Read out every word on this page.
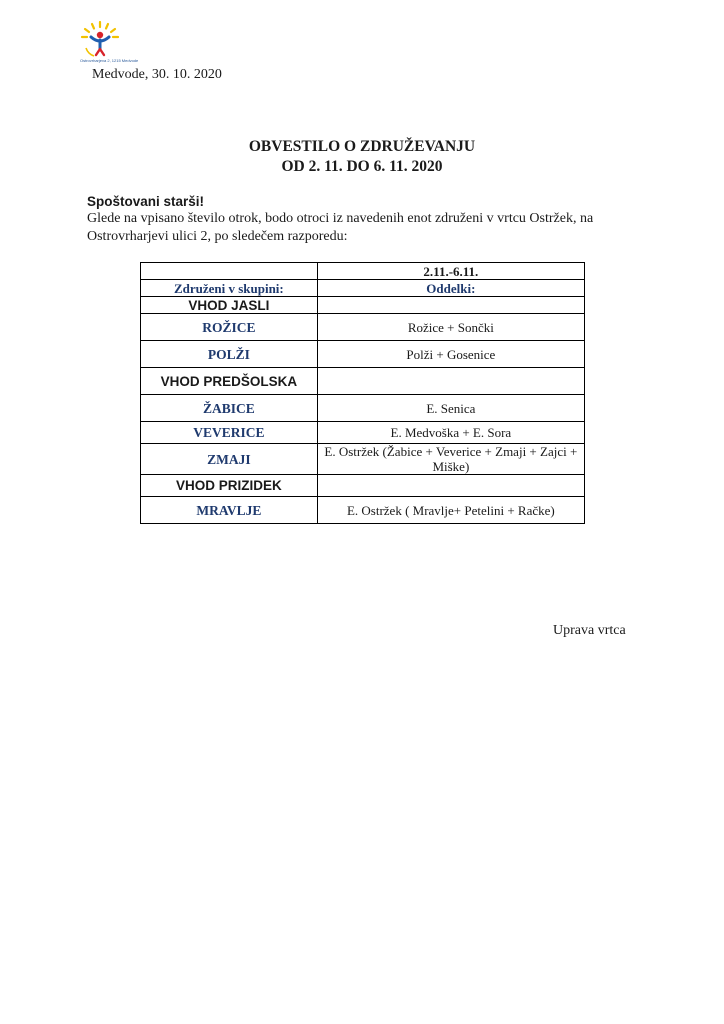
Ostrovrharjeva 2, 1215 Medvode
Medvode, 30. 10. 2020
OBVESTILO O ZDRUŽEVANJU
OD 2. 11. DO 6. 11. 2020
Spoštovani starši!
Glede na vpisano število otrok, bodo otroci iz navedenih enot združeni v vrtcu Ostržek, na Ostrovrharjevi ulici 2, po sledečem razporedu:
	2.11.-6.11.
Združeni v skupini:	Oddelki:
VHOD JASLI	
ROŽICE	Rožice + Sončki
POLŽI	Polži + Gosenice
VHOD PREDŠOLSKA	
ŽABICE	E. Senica
VEVERICE	E. Medvoška + E. Sora
ZMAJI	E. Ostržek (Žabice + Veverice + Zmaji + Zajci + Miške)
VHOD PRIZIDEK	
MRAVLJE	E. Ostržek ( Mravlje+ Petelini + Račke)
Uprava vrtca
